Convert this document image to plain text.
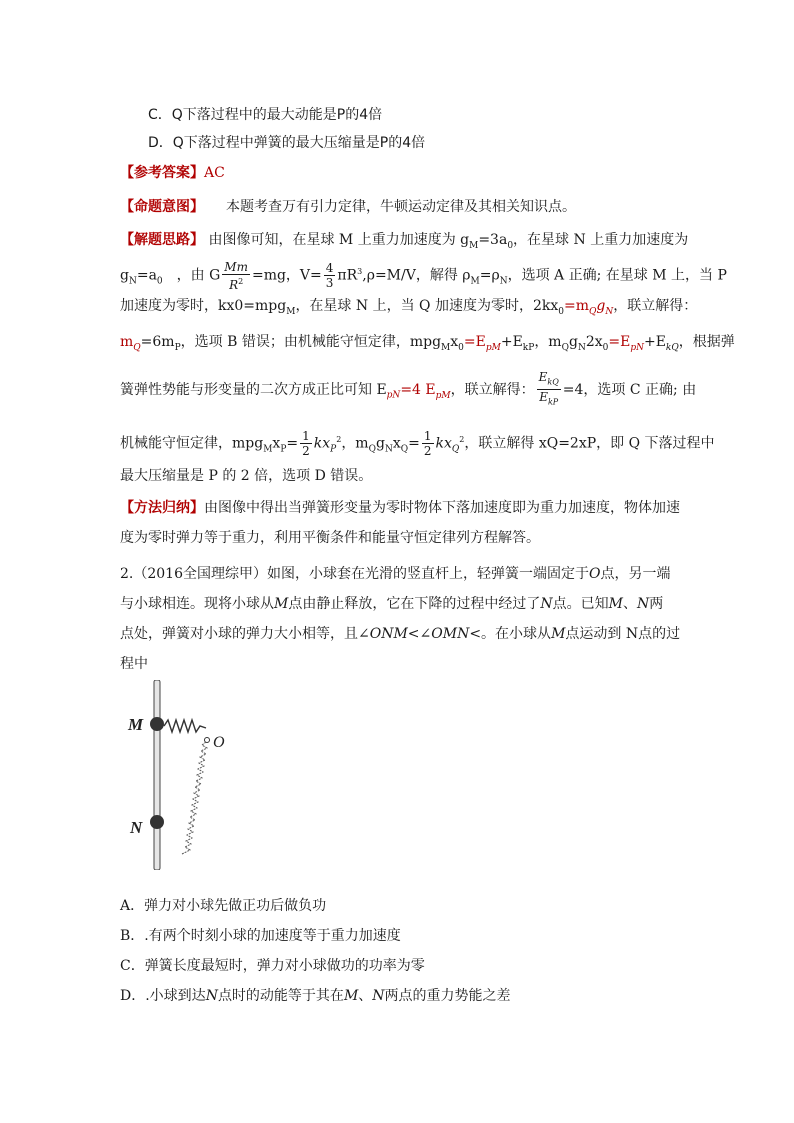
C．Q下落过程中的最大动能是P的4倍
D．Q下落过程中弹簧的最大压缩量是P的4倍
【参考答案】AC
【命题意图】 本题考查万有引力定律，牛顿运动定律及其相关知识点。
【解题思路】 由图像可知，在星球 M 上重力加速度为 $g_M=3a_0$，在星球 N 上重力加速度为
$g_N=a_0$ ，由 G $\frac{Mm}{R^2} =mg$，$V= \frac{4}{3} \pi R^3,\rho=M/V$，解得 $\rho_M=\rho_N$，选项 A 正确; 在星球 M 上，当 P
加速度为零时，kx0=mpg$_M$，在星球 N 上，当 Q 加速度为零时，$2kx_0=m_Qg_N$，联立解得：
$m_Q=6m_P$，选项 B 错误；由机械能守恒定律，$mpg_Mx_0=E_{pM}+E_{kP}$，$m_Qg_N2x_0=E_{pN}+E_{kQ}$，根据弹
簧弹性势能与形变量的二次方成正比可知 $E_{pN}=4$ $E_{pM}$，联立解得： $\frac{E_{kQ}}{E_{kP}} =4$，选项 C 正确; 由
机械能守恒定律，$mpg_Mx_P= \frac{1}{2} kx_P^2$，$m_Qg_Nx_Q= \frac{1}{2} kx_Q^2$，联立解得 xQ=2xP，即 Q 下落过程中
最大压缩量是 P 的 2 倍，选项 D 错误。
【方法归纳】由图像中得出当弹簧形变量为零时物体下落加速度即为重力加速度，物体加速
度为零时弹力等于重力，利用平衡条件和能量守恒定律列方程解答。
2.（2016全国理综甲）如图，小球套在光滑的竖直杆上，轻弹簧一端固定于O点，另一端
与小球相连。现将小球从M点由静止释放，它在下降的过程中经过了N点。已知M、N两
点处，弹簧对小球的弹力大小相等，且∠ONM<∠OMN<。在小球从M点运动到 N点的过
程中
M
O
N
A．弹力对小球先做正功后做负功
B．.有两个时刻小球的加速度等于重力加速度
C．弹簧长度最短时，弹力对小球做功的功率为零
D．.小球到达N点时的动能等于其在M、N两点的重力势能之差
